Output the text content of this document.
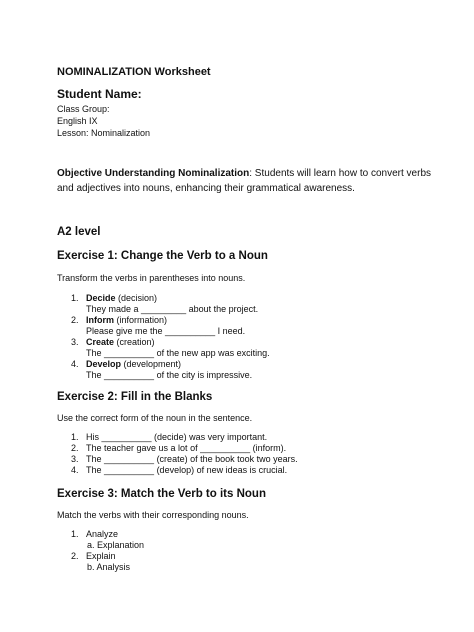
NOMINALIZATION Worksheet
Student Name:
Class Group:
English IX
Lesson: Nominalization
Objective Understanding Nominalization: Students will learn how to convert verbs
and adjectives into nouns, enhancing their grammatical awareness.
A2 level
Exercise 1: Change the Verb to a Noun
Transform the verbs in parentheses into nouns.
1. Decide (decision)
They made a _________ about the project.
2. Inform (information)
Please give me the __________ I need.
3. Create (creation)
The __________ of the new app was exciting.
4. Develop (development)
The __________ of the city is impressive.
Exercise 2: Fill in the Blanks
Use the correct form of the noun in the sentence.
1. His __________ (decide) was very important.
2. The teacher gave us a lot of __________ (inform).
3. The __________ (create) of the book took two years.
4. The __________ (develop) of new ideas is crucial.
Exercise 3: Match the Verb to its Noun
Match the verbs with their corresponding nouns.
1. Analyze
a. Explanation
2. Explain
b. Analysis
